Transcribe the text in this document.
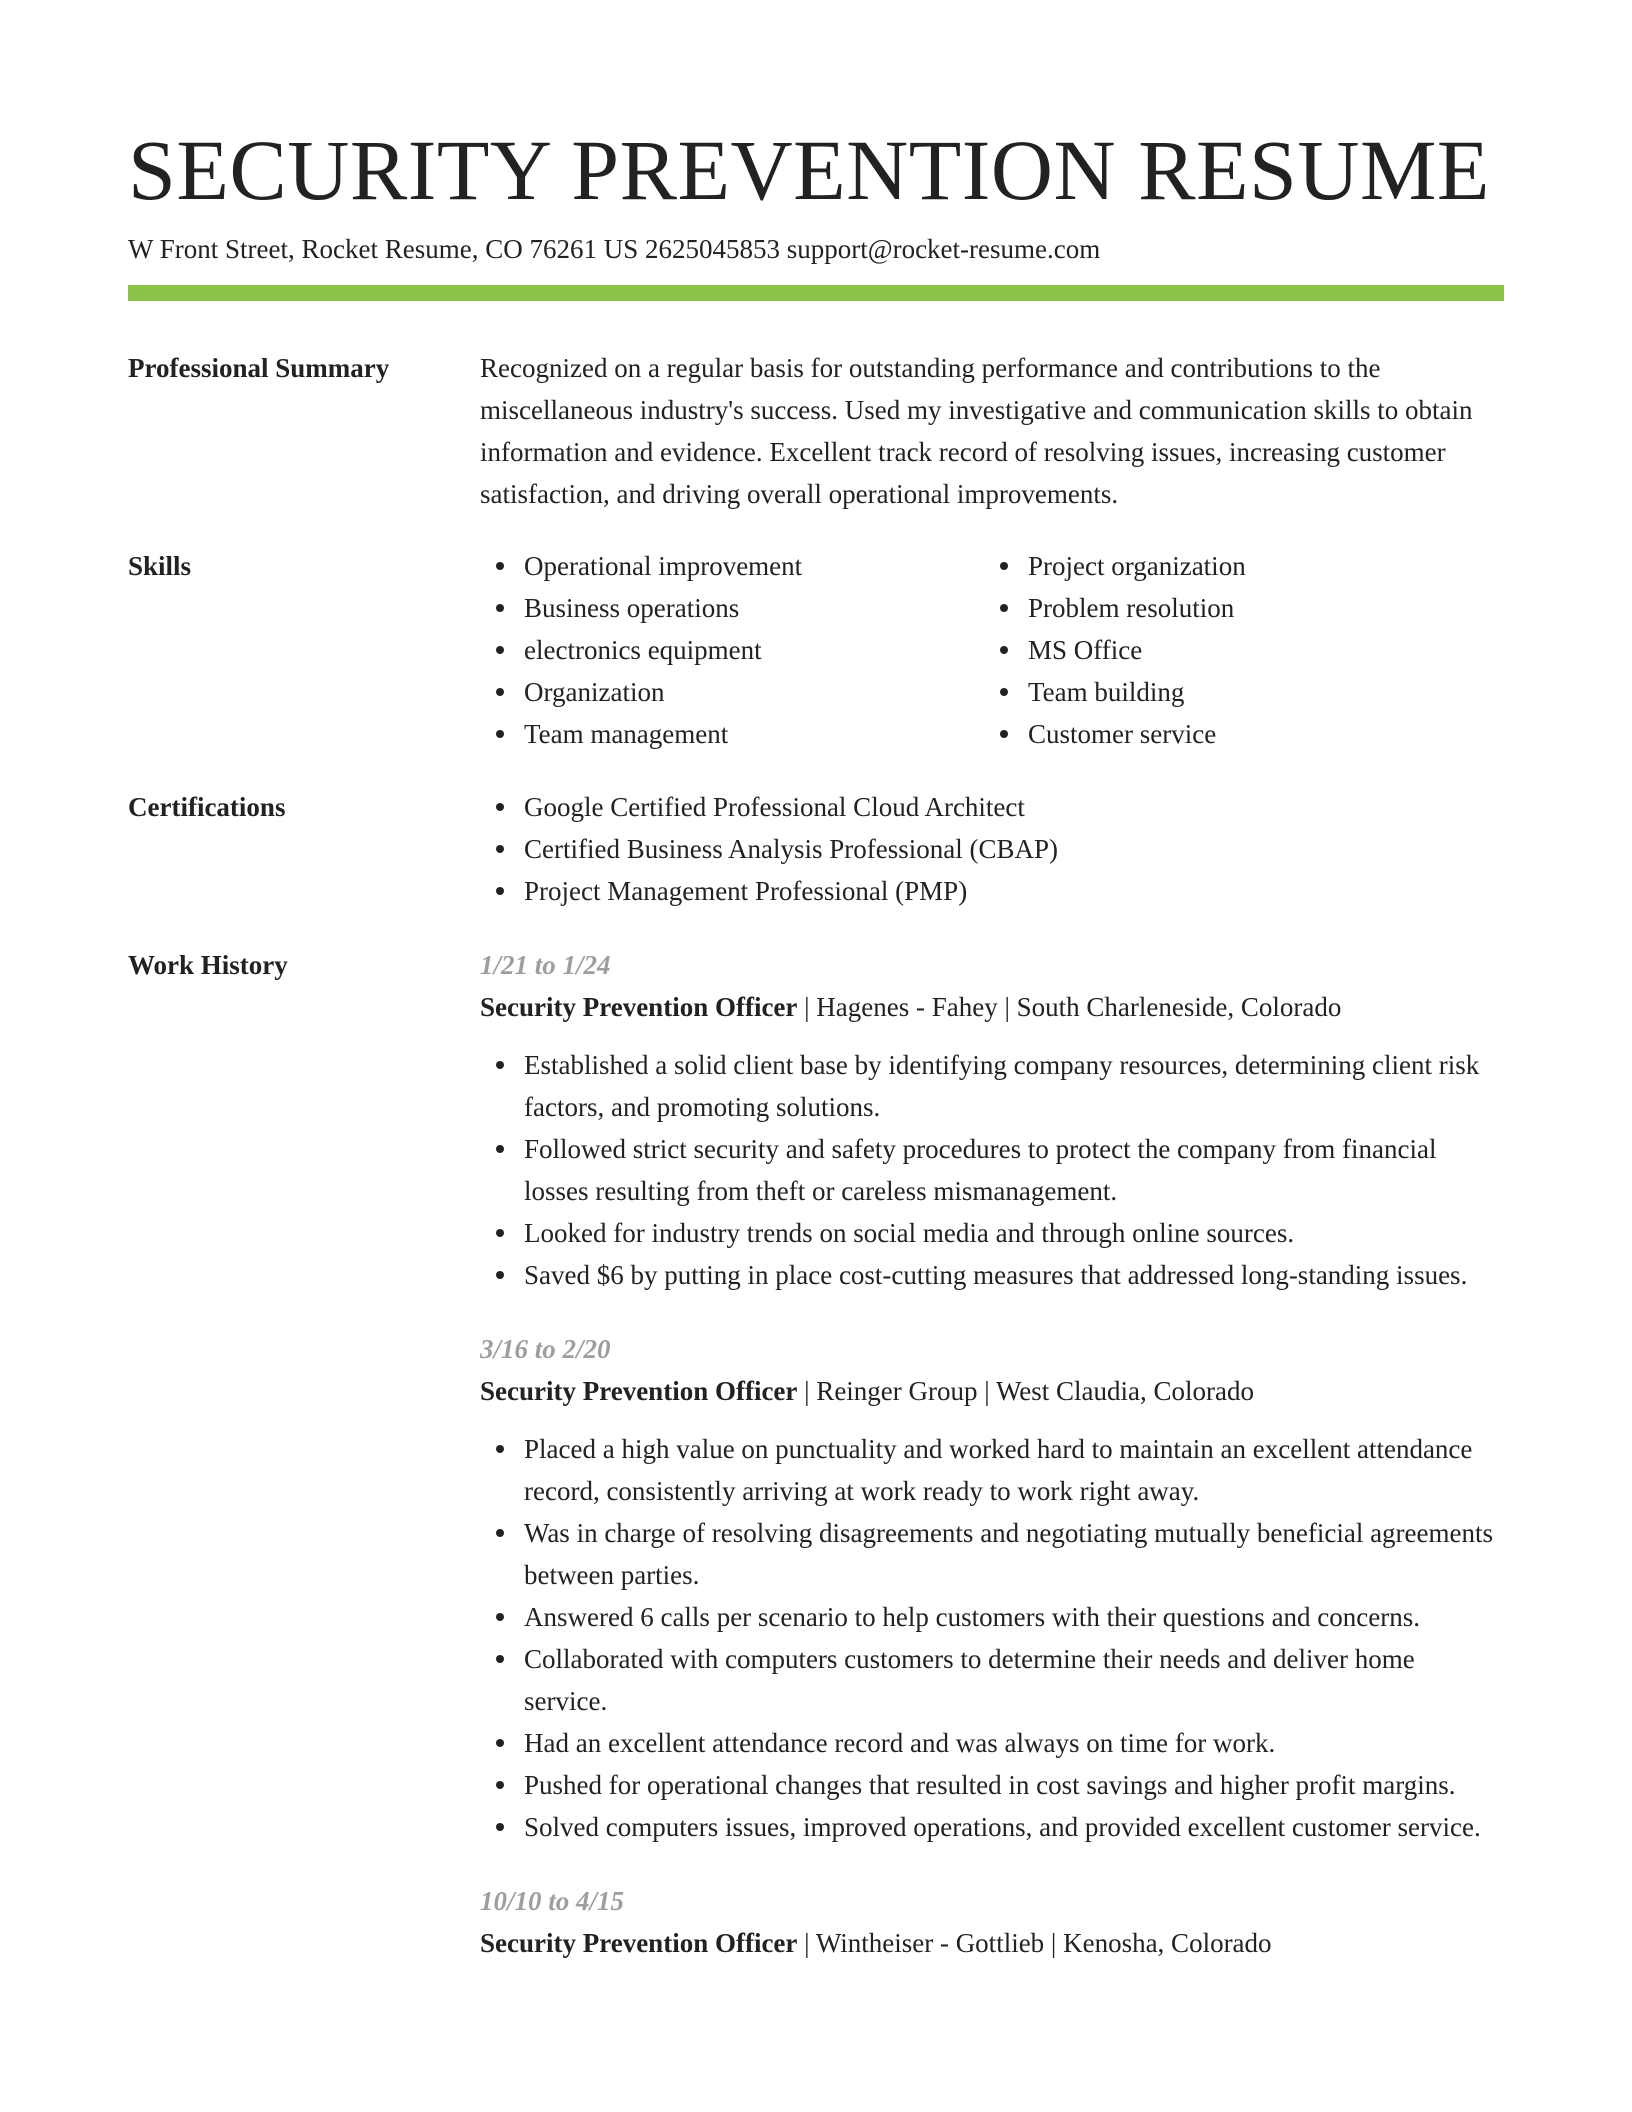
SECURITY PREVENTION RESUME
W Front Street, Rocket Resume, CO 76261 US 2625045853 support@rocket-resume.com
Professional Summary	Recognized on a regular basis for outstanding performance and contributions to the miscellaneous industry's success. Used my investigative and communication skills to obtain information and evidence. Excellent track record of resolving issues, increasing customer satisfaction, and driving overall operational improvements.

Skills	Operational improvement
Business operations
electronics equipment
Organization
Team management
Project organization
Problem resolution
MS Office
Team building
Customer service
Certifications	Google Certified Professional Cloud Architect
Certified Business Analysis Professional (CBAP)
Project Management Professional (PMP)
Work History	1/21 to 1/24
Security Prevention Officer | Hagenes - Fahey | South Charleneside, Colorado
Established a solid client base by identifying company resources, determining client risk factors, and promoting solutions.
Followed strict security and safety procedures to protect the company from financial losses resulting from theft or careless mismanagement.
Looked for industry trends on social media and through online sources.
Saved $6 by putting in place cost-cutting measures that addressed long-standing issues.
3/16 to 2/20
Security Prevention Officer | Reinger Group | West Claudia, Colorado
Placed a high value on punctuality and worked hard to maintain an excellent attendance record, consistently arriving at work ready to work right away.
Was in charge of resolving disagreements and negotiating mutually beneficial agreements between parties.
Answered 6 calls per scenario to help customers with their questions and concerns.
Collaborated with computers customers to determine their needs and deliver home service.
Had an excellent attendance record and was always on time for work.
Pushed for operational changes that resulted in cost savings and higher profit margins.
Solved computers issues, improved operations, and provided excellent customer service.
10/10 to 4/15
Security Prevention Officer | Wintheiser - Gottlieb | Kenosha, Colorado
